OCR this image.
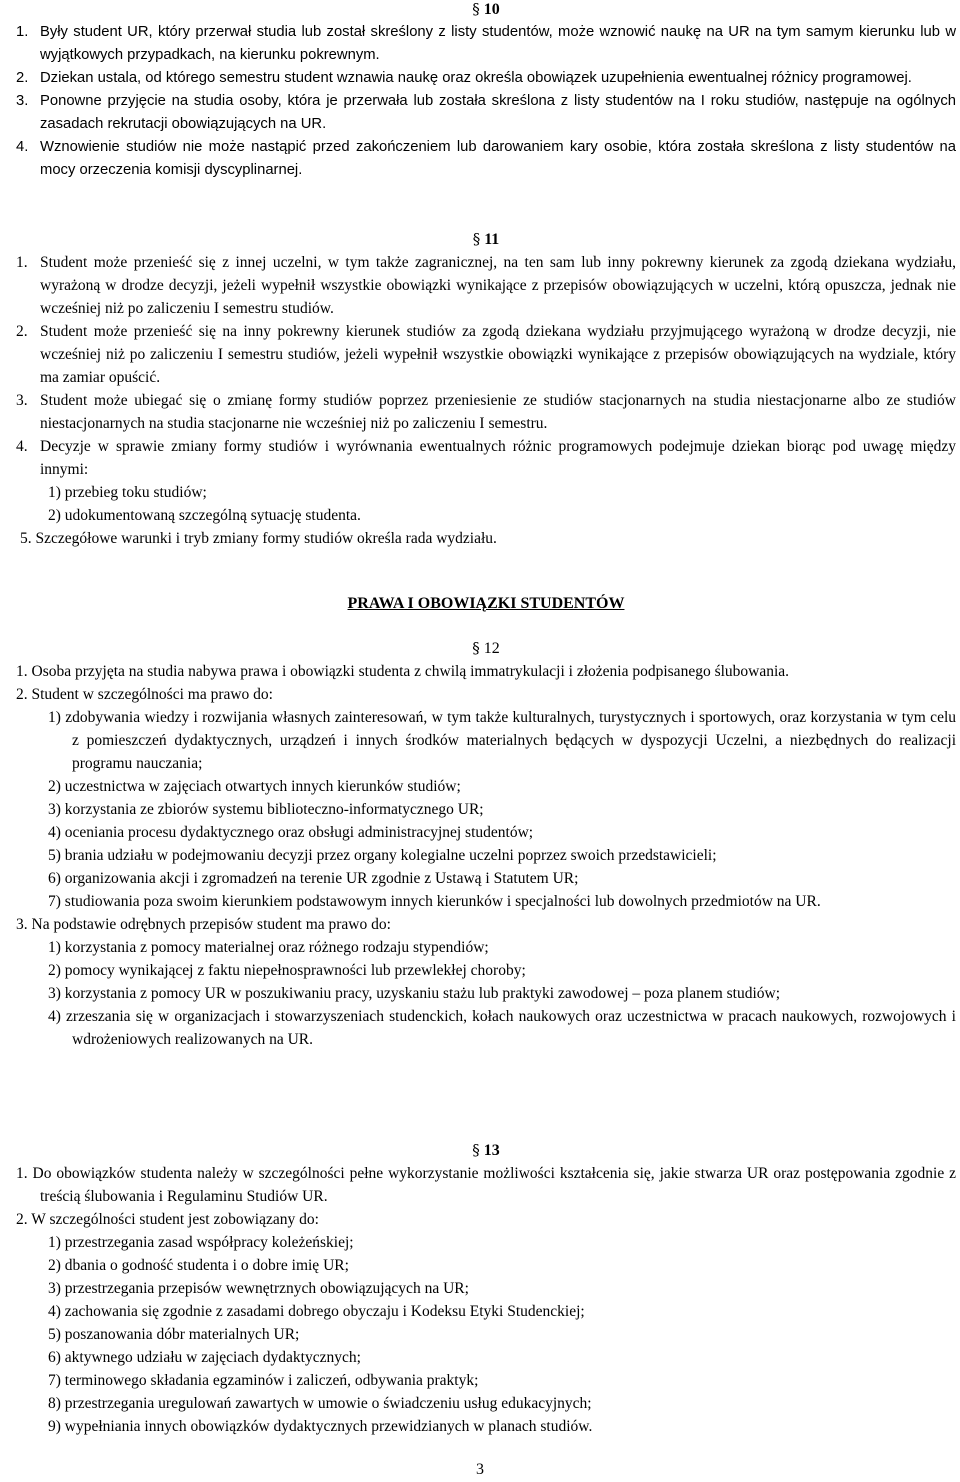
§ 10
1. Były student UR, który przerwał studia lub został skreślony z listy studentów, może wznowić naukę na UR na tym samym kierunku lub w wyjątkowych przypadkach, na kierunku pokrewnym.
2. Dziekan ustala, od którego semestru student wznawia naukę oraz określa obowiązek uzupełnienia ewentualnej różnicy programowej.
3. Ponowne przyjęcie na studia osoby, która je przerwała lub została skreślona z listy studentów na I roku studiów, następuje na ogólnych zasadach rekrutacji obowiązujących na UR.
4. Wznowienie studiów nie może nastąpić przed zakończeniem lub darowaniem kary osobie, która została skreślona z listy studentów na mocy orzeczenia komisji dyscyplinarnej.
§ 11
1. Student może przenieść się z innej uczelni, w tym także zagranicznej, na ten sam lub inny pokrewny kierunek za zgodą dziekana wydziału, wyrażoną w drodze decyzji, jeżeli wypełnił wszystkie obowiązki wynikające z przepisów obowiązujących w uczelni, którą opuszcza, jednak nie wcześniej niż po zaliczeniu I semestru studiów.
2. Student może przenieść się na inny pokrewny kierunek studiów za zgodą dziekana wydziału przyjmującego wyrażoną w drodze decyzji, nie wcześniej niż po zaliczeniu I semestru studiów, jeżeli wypełnił wszystkie obowiązki wynikające z przepisów obowiązujących na wydziale, który ma zamiar opuścić.
3. Student może ubiegać się o zmianę formy studiów poprzez przeniesienie ze studiów stacjonarnych na studia niestacjonarne albo ze studiów niestacjonarnych na studia stacjonarne nie wcześniej niż po zaliczeniu I semestru.
4. Decyzje w sprawie zmiany formy studiów i wyrównania ewentualnych różnic programowych podejmuje dziekan biorąc pod uwagę między innymi:
1) przebieg toku studiów;
2) udokumentowaną szczególną sytuację studenta.
5. Szczegółowe warunki i tryb zmiany formy studiów określa rada wydziału.
PRAWA I OBOWIĄZKI STUDENTÓW
§ 12
1. Osoba przyjęta na studia nabywa prawa i obowiązki studenta z chwilą immatrykulacji i złożenia podpisanego ślubowania.
2. Student w szczególności ma prawo do:
1) zdobywania wiedzy i rozwijania własnych zainteresowań, w tym także kulturalnych, turystycznych i sportowych, oraz korzystania w tym celu z pomieszczeń dydaktycznych, urządzeń i innych środków materialnych będących w dyspozycji Uczelni, a niezbędnych do realizacji programu nauczania;
2) uczestnictwa w zajęciach otwartych innych kierunków studiów;
3) korzystania ze zbiorów systemu biblioteczno-informatycznego UR;
4) oceniania procesu dydaktycznego oraz obsługi administracyjnej studentów;
5) brania udziału w podejmowaniu decyzji przez organy kolegialne uczelni poprzez swoich przedstawicieli;
6) organizowania akcji i zgromadzeń na terenie UR zgodnie z Ustawą i Statutem UR;
7) studiowania poza swoim kierunkiem podstawowym innych kierunków i specjalności lub dowolnych przedmiotów na UR.
3. Na podstawie odrębnych przepisów student ma prawo do:
1) korzystania z pomocy materialnej oraz różnego rodzaju stypendiów;
2) pomocy wynikającej z faktu niepełnosprawności lub przewlekłej choroby;
3) korzystania z pomocy UR w poszukiwaniu pracy, uzyskaniu stażu lub praktyki zawodowej – poza planem studiów;
4) zrzeszania się w organizacjach i stowarzyszeniach studenckich, kołach naukowych oraz uczestnictwa w pracach naukowych, rozwojowych i wdrożeniowych realizowanych na UR.
§ 13
1. Do obowiązków studenta należy w szczególności pełne wykorzystanie możliwości kształcenia się, jakie stwarza UR oraz postępowania zgodnie z treścią ślubowania i Regulaminu Studiów UR.
2. W szczególności student jest zobowiązany do:
1) przestrzegania zasad współpracy koleżeńskiej;
2) dbania o godność studenta i o dobre imię UR;
3) przestrzegania przepisów wewnętrznych obowiązujących na UR;
4) zachowania się zgodnie z zasadami dobrego obyczaju i Kodeksu Etyki Studenckiej;
5) poszanowania dóbr materialnych UR;
6) aktywnego udziału w zajęciach dydaktycznych;
7) terminowego składania egzaminów i zaliczeń, odbywania praktyk;
8) przestrzegania uregulowań zawartych w umowie o świadczeniu usług edukacyjnych;
9) wypełniania innych obowiązków dydaktycznych przewidzianych w planach studiów.
3
